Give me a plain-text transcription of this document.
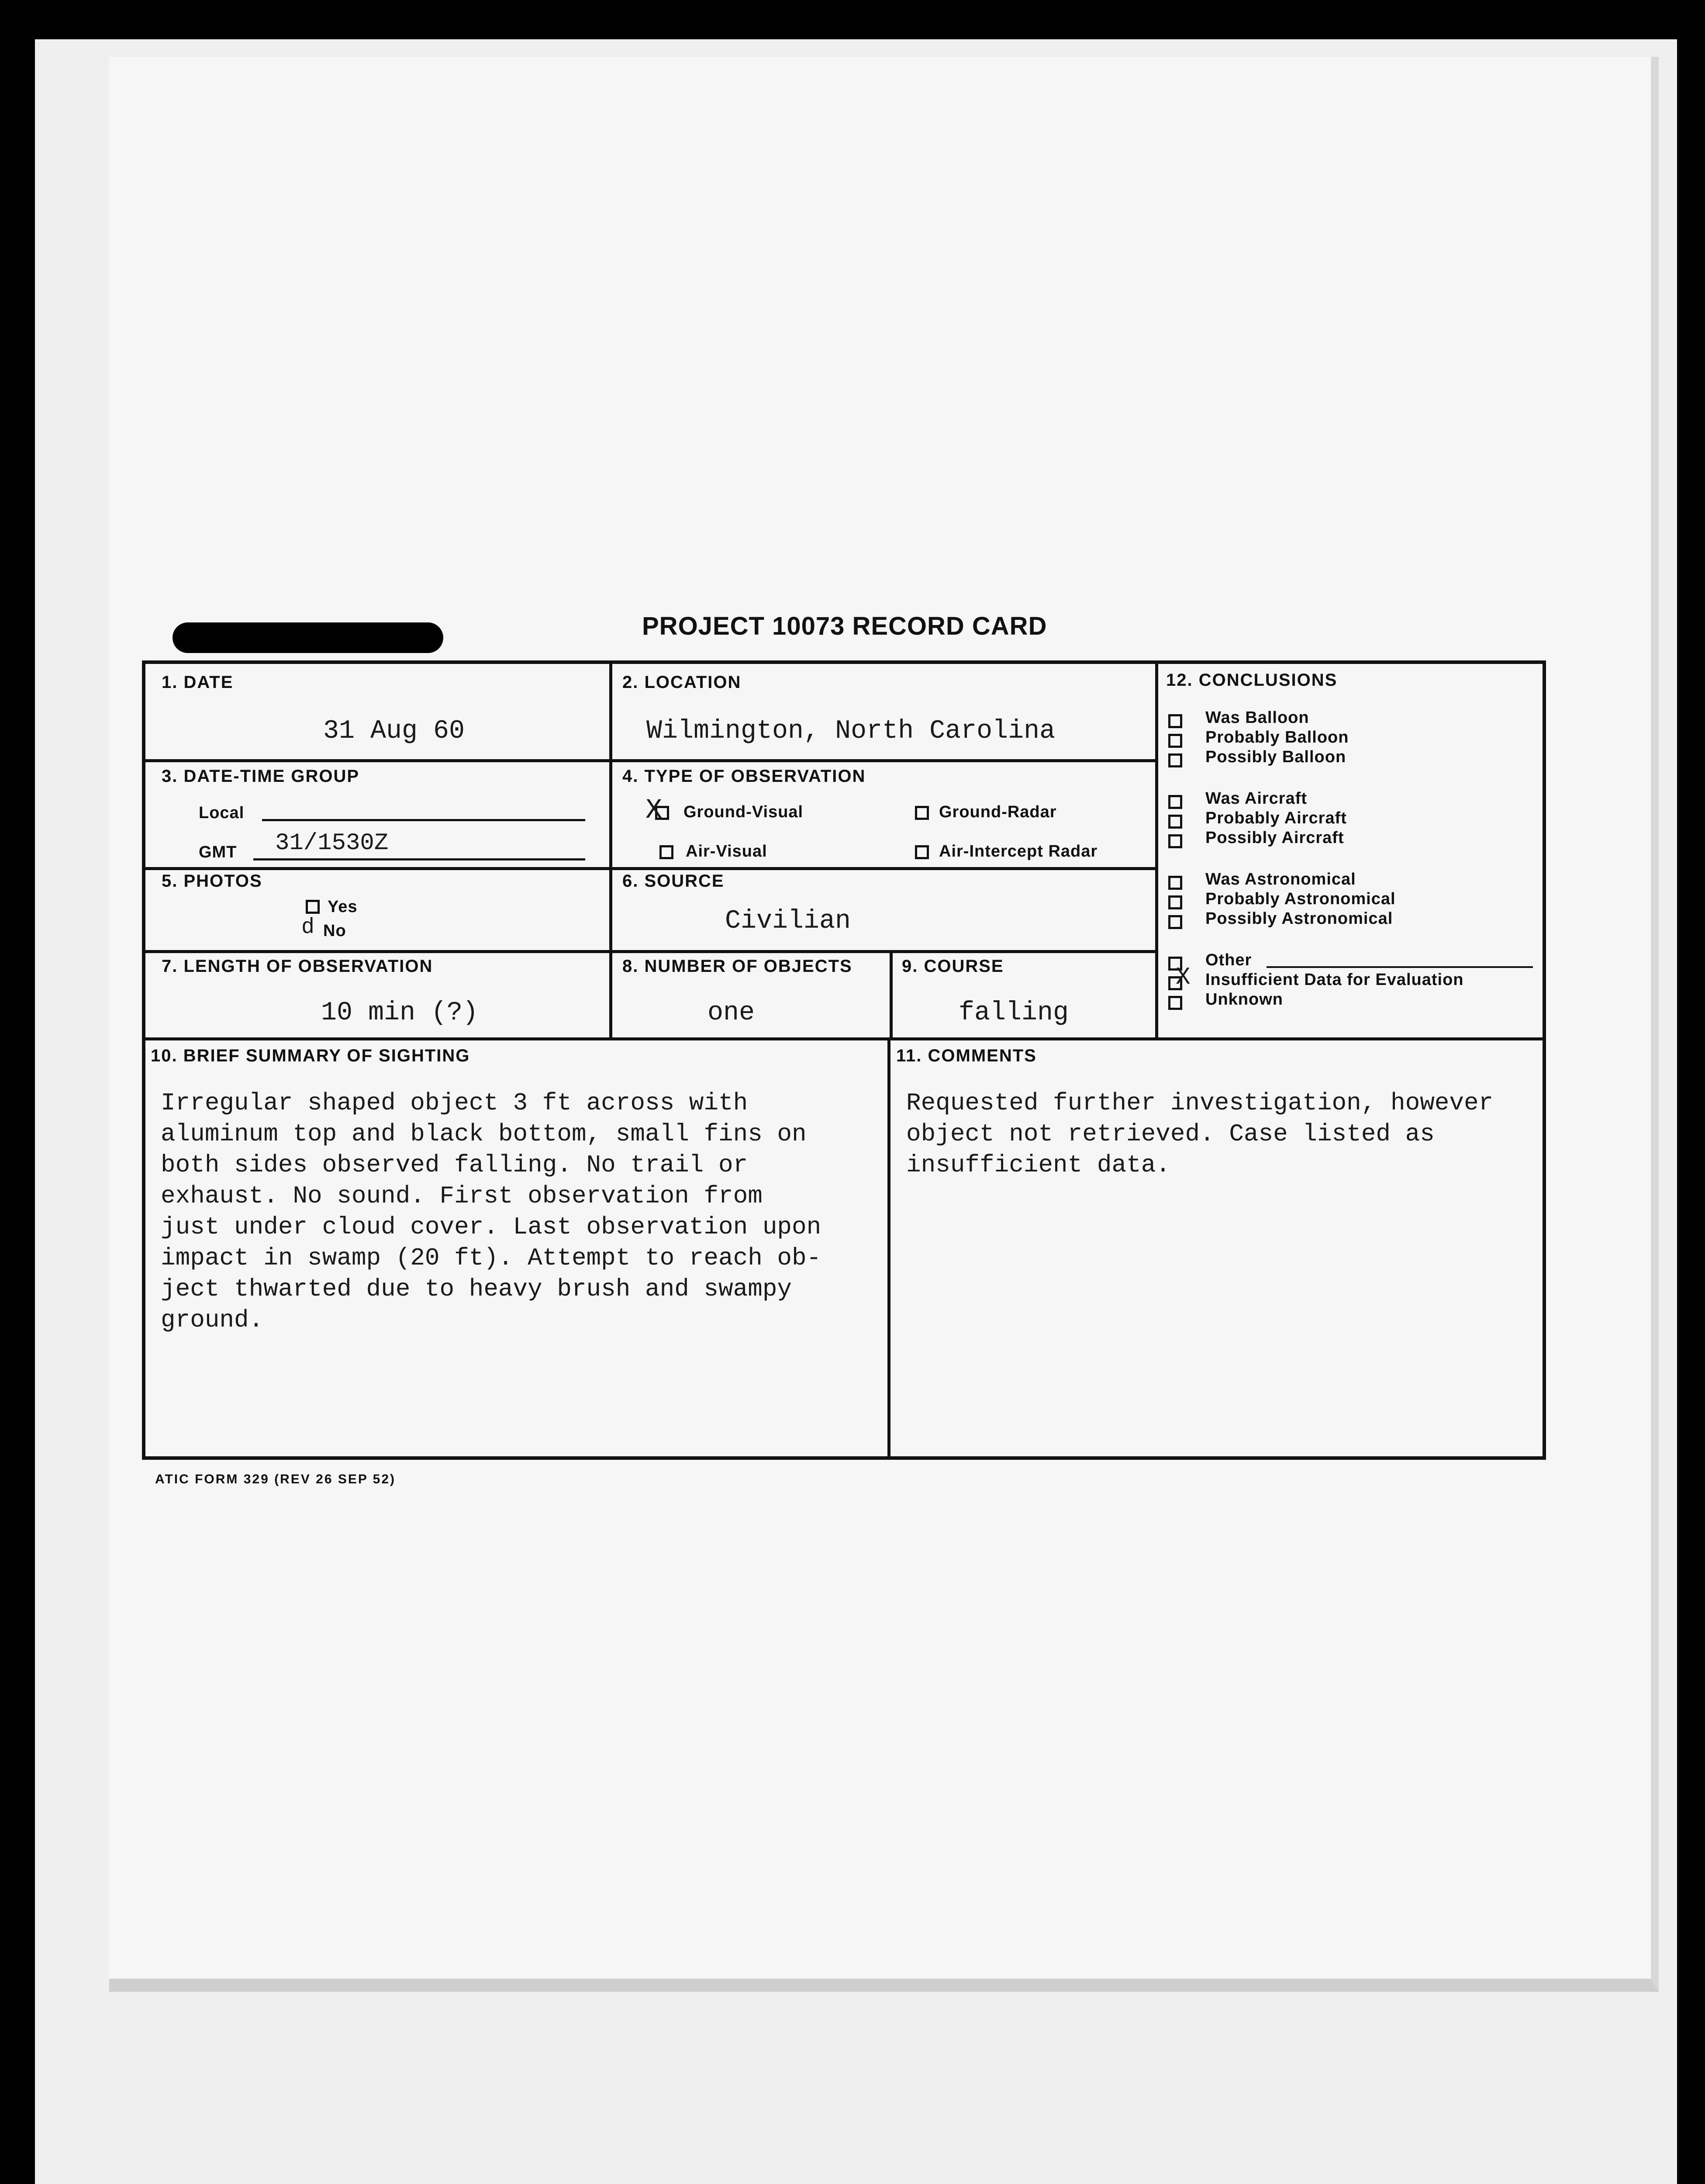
PROJECT 10073 RECORD CARD
1. DATE
31 Aug 60
2. LOCATION
Wilmington, North Carolina
3. DATE-TIME GROUP
Local
GMT 31/1530Z
4. TYPE OF OBSERVATION
X Ground-Visual	Ground-Radar
Air-Visual	Air-Intercept Radar
5. PHOTOS
Yes
d No
6. SOURCE
Civilian
7. LENGTH OF OBSERVATION
10 min (?)
8. NUMBER OF OBJECTS
one
9. COURSE
falling
10. BRIEF SUMMARY OF SIGHTING
Irregular shaped object 3 ft across with
aluminum top and black bottom, small fins on
both sides observed falling. No trail or
exhaust. No sound. First observation from
just under cloud cover. Last observation upon
impact in swamp (20 ft). Attempt to reach ob-
ject thwarted due to heavy brush and swampy
ground.
11. COMMENTS
Requested further investigation, however
object not retrieved. Case listed as
insufficient data.
12. CONCLUSIONS
Was Balloon
Probably Balloon
Possibly Balloon
Was Aircraft
Probably Aircraft
Possibly Aircraft
Was Astronomical
Probably Astronomical
Possibly Astronomical
Other
X Insufficient Data for Evaluation
Unknown
ATIC FORM 329 (REV 26 SEP 52)
